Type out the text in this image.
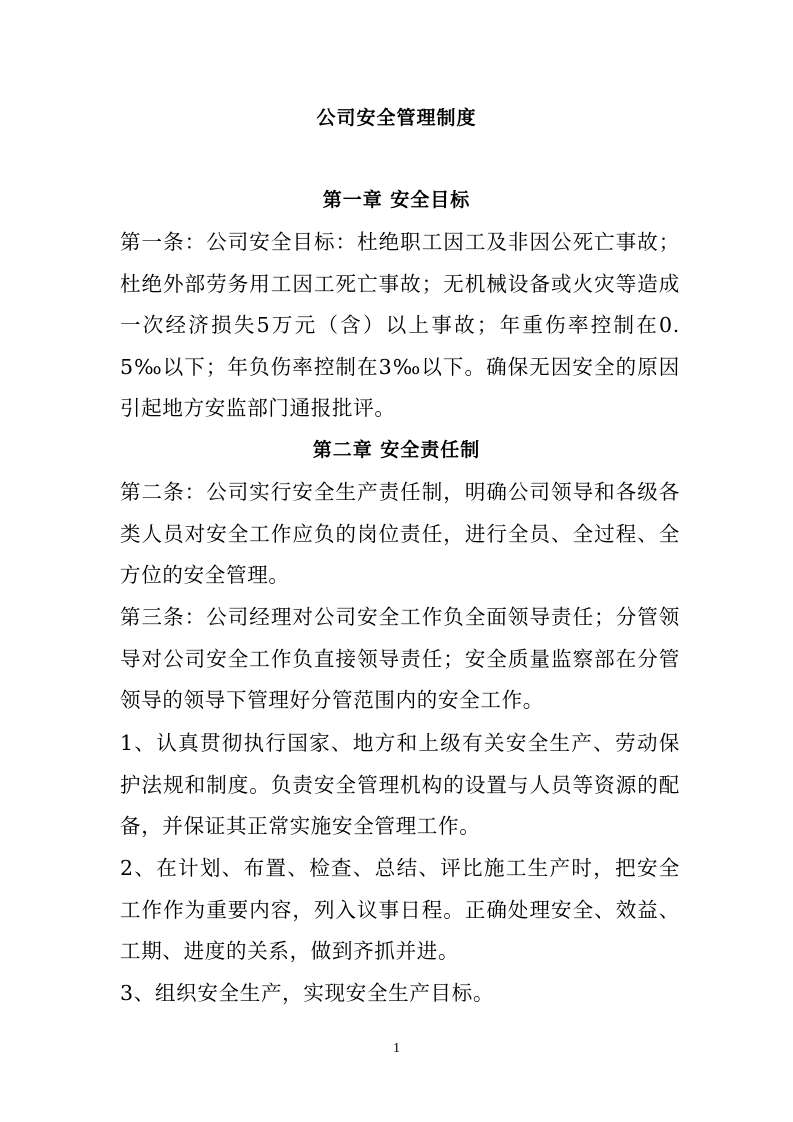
公司安全管理制度
第一章 安全目标
第一条：公司安全目标：杜绝职工因工及非因公死亡事故；杜绝外部劳务用工因工死亡事故；无机械设备或火灾等造成一次经济损失5万元（含）以上事故；年重伤率控制在0.5‰以下；年负伤率控制在3‰以下。确保无因安全的原因引起地方安监部门通报批评。
第二章 安全责任制
第二条：公司实行安全生产责任制，明确公司领导和各级各类人员对安全工作应负的岗位责任，进行全员、全过程、全方位的安全管理。
第三条：公司经理对公司安全工作负全面领导责任；分管领导对公司安全工作负直接领导责任；安全质量监察部在分管领导的领导下管理好分管范围内的安全工作。
1、认真贯彻执行国家、地方和上级有关安全生产、劳动保护法规和制度。负责安全管理机构的设置与人员等资源的配备，并保证其正常实施安全管理工作。
2、在计划、布置、检查、总结、评比施工生产时，把安全工作作为重要内容，列入议事日程。正确处理安全、效益、工期、进度的关系，做到齐抓并进。
3、组织安全生产，实现安全生产目标。
1
